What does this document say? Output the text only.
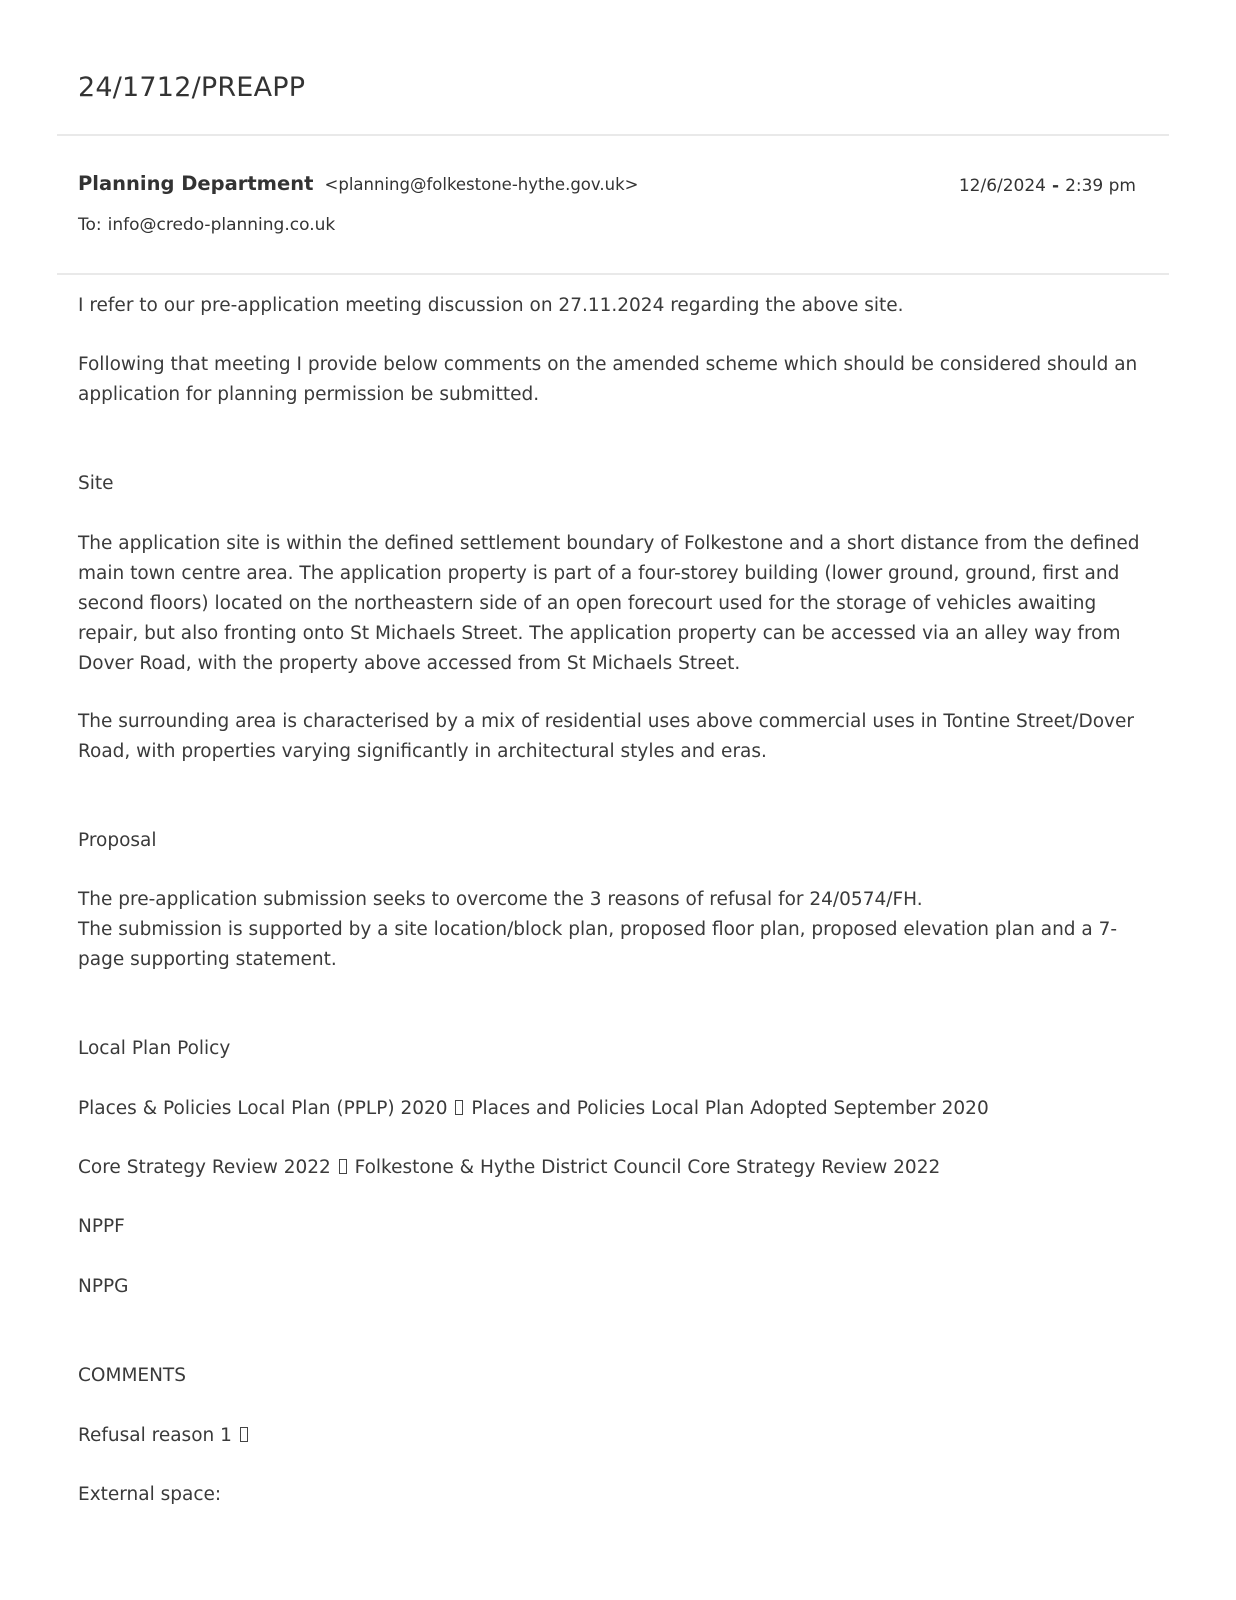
24/1712/PREAPP
Planning Department <planning@folkestone-hythe.gov.uk>	12/6/2024 - 2:39 pm
To: info@credo-planning.co.uk

I refer to our pre-application meeting discussion on 27.11.2024 regarding the above site.

Following that meeting I provide below comments on the amended scheme which should be considered should an application for planning permission be submitted.

Site

The application site is within the defined settlement boundary of Folkestone and a short distance from the defined main town centre area. The application property is part of a four-storey building (lower ground, ground, first and second floors) located on the northeastern side of an open forecourt used for the storage of vehicles awaiting repair, but also fronting onto St Michaels Street. The application property can be accessed via an alley way from Dover Road, with the property above accessed from St Michaels Street.

The surrounding area is characterised by a mix of residential uses above commercial uses in Tontine Street/Dover Road, with properties varying significantly in architectural styles and eras.

Proposal

The pre-application submission seeks to overcome the 3 reasons of refusal for 24/0574/FH.

The submission is supported by a site location/block plan, proposed floor plan, proposed elevation plan and a 7-page supporting statement.

Local Plan Policy

Places & Policies Local Plan (PPLP) 2020 Places and Policies Local Plan Adopted September 2020

Core Strategy Review 2022 Folkestone & Hythe District Council Core Strategy Review 2022

NPPF

NPPG

COMMENTS

Refusal reason 1

External space:
